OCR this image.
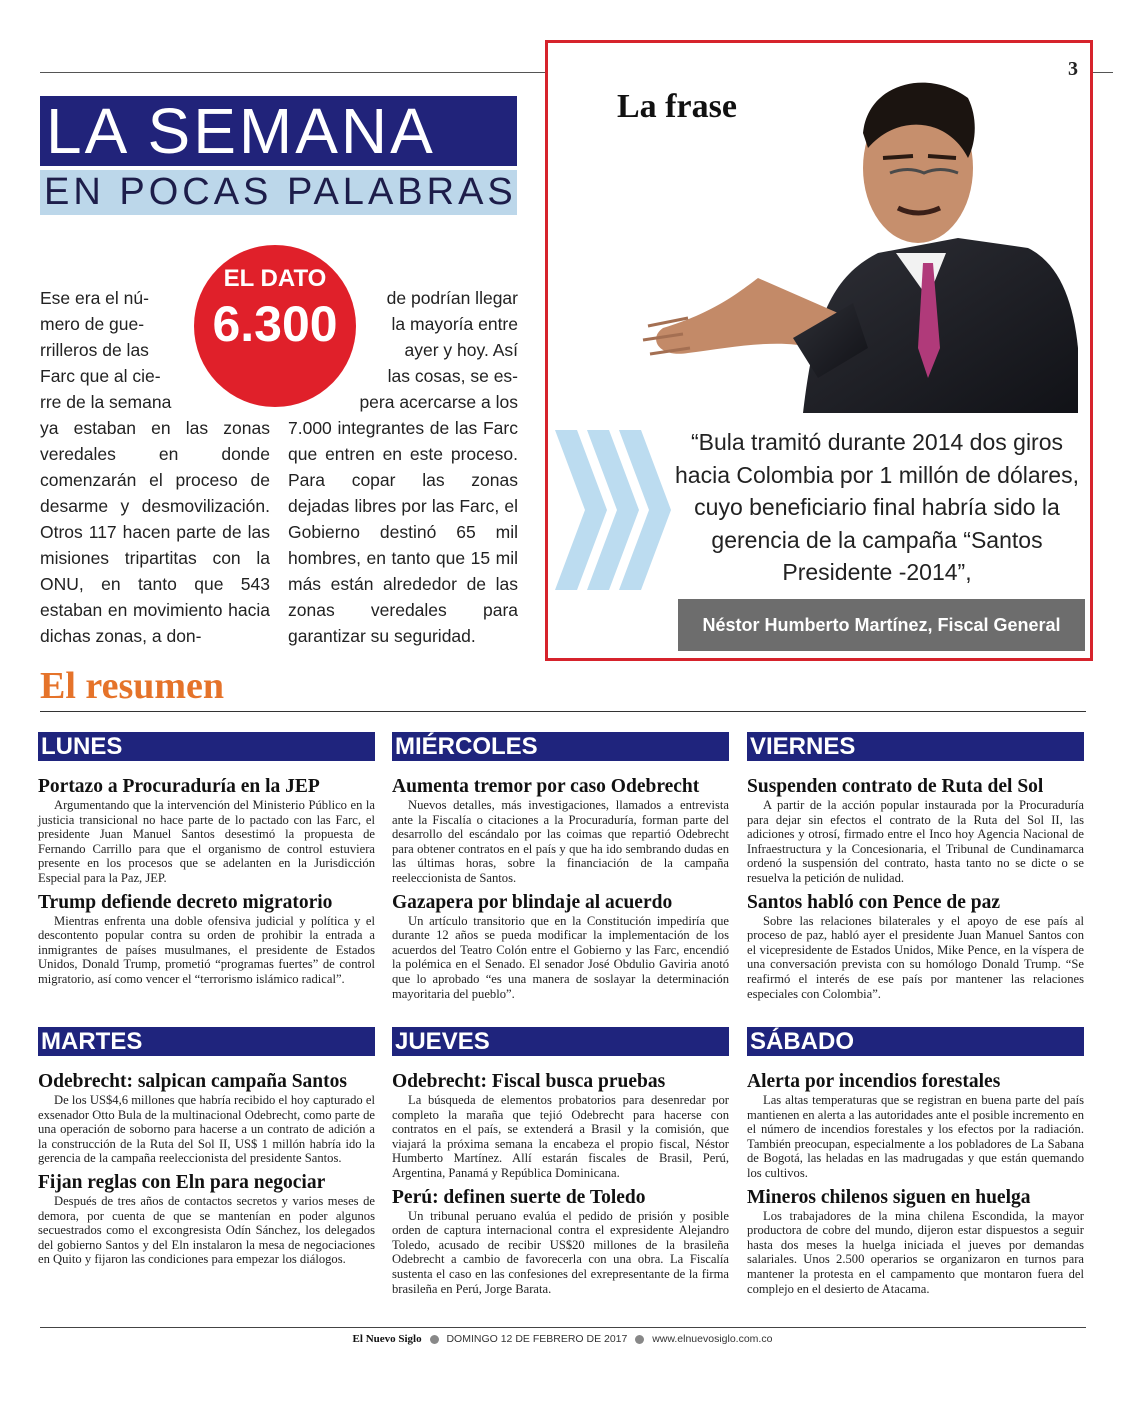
3
LA SEMANA
EN POCAS PALABRAS
EL DATO
6.300
Ese era el nú-
mero de gue-
rrilleros de las
Farc que al cie-
rre de la semana
de podrían llegar
la mayoría entre
ayer y hoy. Así
las cosas, se es-
pera acercarse a los
ya estaban en las zonas veredales en donde comenzarán el proceso de desarme y desmovilización. Otros 117 hacen parte de las misiones tripartitas con la ONU, en tanto que 543 estaban en movimiento hacia dichas zonas, a don-
7.000 integrantes de las Farc que entren en este proceso. Para copar las zonas dejadas libres por las Farc, el Gobierno destinó 65 mil hombres, en tanto que 15 mil más están alrededor de las zonas veredales para garantizar su seguridad.
La frase
“Bula tramitó durante 2014 dos giros hacia Colombia por 1 millón de dólares, cuyo beneficiario final habría sido la gerencia de la campaña “Santos Presidente -2014”,
Néstor Humberto Martínez, Fiscal General
El resumen
LUNES
Portazo a Procuraduría en la JEP
Argumentando que la intervención del Ministerio Público en la justicia transicional no hace parte de lo pactado con las Farc, el presidente Juan Manuel Santos desestimó la propuesta de Fernando Carrillo para que el organismo de control estuviera presente en los procesos que se adelanten en la Jurisdicción Especial para la Paz, JEP.
Trump defiende decreto migratorio
Mientras enfrenta una doble ofensiva judicial y política y el descontento popular contra su orden de prohibir la entrada a inmigrantes de países musulmanes, el presidente de Estados Unidos, Donald Trump, prometió “programas fuertes” de control migratorio, así como vencer el “terrorismo islámico radical”.
MIÉRCOLES
Aumenta tremor por caso Odebrecht
Nuevos detalles, más investigaciones, llamados a entrevista ante la Fiscalía o citaciones a la Procuraduría, forman parte del desarrollo del escándalo por las coimas que repartió Odebrecht para obtener contratos en el país y que ha ido sembrando dudas en las últimas horas, sobre la financiación de la campaña reeleccionista de Santos.
Gazapera por blindaje al acuerdo
Un artículo transitorio que en la Constitución impediría que durante 12 años se pueda modificar la implementación de los acuerdos del Teatro Colón entre el Gobierno y las Farc, encendió la polémica en el Senado. El senador José Obdulio Gaviria anotó que lo aprobado “es una manera de soslayar la determinación mayoritaria del pueblo”.
VIERNES
Suspenden contrato de Ruta del Sol
A partir de la acción popular instaurada por la Procuraduría para dejar sin efectos el contrato de la Ruta del Sol II, las adiciones y otrosí, firmado entre el Inco hoy Agencia Nacional de Infraestructura y la Concesionaria, el Tribunal de Cundinamarca ordenó la suspensión del contrato, hasta tanto no se dicte o se resuelva la petición de nulidad.
Santos habló con Pence de paz
Sobre las relaciones bilaterales y el apoyo de ese país al proceso de paz, habló ayer el presidente Juan Manuel Santos con el vicepresidente de Estados Unidos, Mike Pence, en la víspera de una conversación prevista con su homólogo Donald Trump. “Se reafirmó el interés de ese país por mantener las relaciones especiales con Colombia”.
MARTES
Odebrecht: salpican campaña Santos
De los US$4,6 millones que habría recibido el hoy capturado el exsenador Otto Bula de la multinacional Odebrecht, como parte de una operación de soborno para hacerse a un contrato de adición a la construcción de la Ruta del Sol II, US$ 1 millón habría ido la gerencia de la campaña reeleccionista del presidente Santos.
Fijan reglas con Eln para negociar
Después de tres años de contactos secretos y varios meses de demora, por cuenta de que se mantenían en poder algunos secuestrados como el excongresista Odín Sánchez, los delegados del gobierno Santos y del Eln instalaron la mesa de negociaciones en Quito y fijaron las condiciones para empezar los diálogos.
JUEVES
Odebrecht: Fiscal busca pruebas
La búsqueda de elementos probatorios para desenredar por completo la maraña que tejió Odebrecht para hacerse con contratos en el país, se extenderá a Brasil y la comisión, que viajará la próxima semana la encabeza el propio fiscal, Néstor Humberto Martínez. Allí estarán fiscales de Brasil, Perú, Argentina, Panamá y República Dominicana.
Perú: definen suerte de Toledo
Un tribunal peruano evalúa el pedido de prisión y posible orden de captura internacional contra el expresidente Alejandro Toledo, acusado de recibir US$20 millones de la brasileña Odebrecht a cambio de favorecerla con una obra. La Fiscalía sustenta el caso en las confesiones del exrepresentante de la firma brasileña en Perú, Jorge Barata.
SÁBADO
Alerta por incendios forestales
Las altas temperaturas que se registran en buena parte del país mantienen en alerta a las autoridades ante el posible incremento en el número de incendios forestales y los efectos por la radiación. También preocupan, especialmente a los pobladores de La Sabana de Bogotá, las heladas en las madrugadas y que están quemando los cultivos.
Mineros chilenos siguen en huelga
Los trabajadores de la mina chilena Escondida, la mayor productora de cobre del mundo, dijeron estar dispuestos a seguir hasta dos meses la huelga iniciada el jueves por demandas salariales. Unos 2.500 operarios se organizaron en turnos para mantener la protesta en el campamento que montaron fuera del complejo en el desierto de Atacama.
El Nuevo Siglo DOMINGO 12 DE FEBRERO DE 2017 www.elnuevosiglo.com.co
